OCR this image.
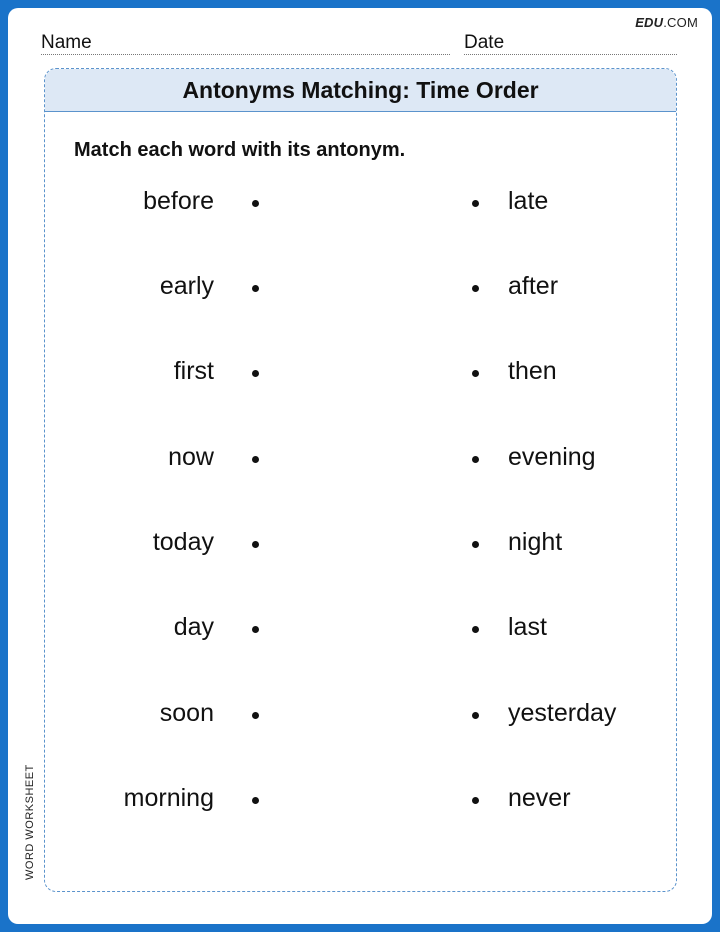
EDU.COM
Name	Date
Antonyms Matching: Time Order
Match each word with its antonym.
before	late
early	after
first	then
now	evening
today	night
day	last
soon	yesterday
morning	never
WORD WORKSHEET
